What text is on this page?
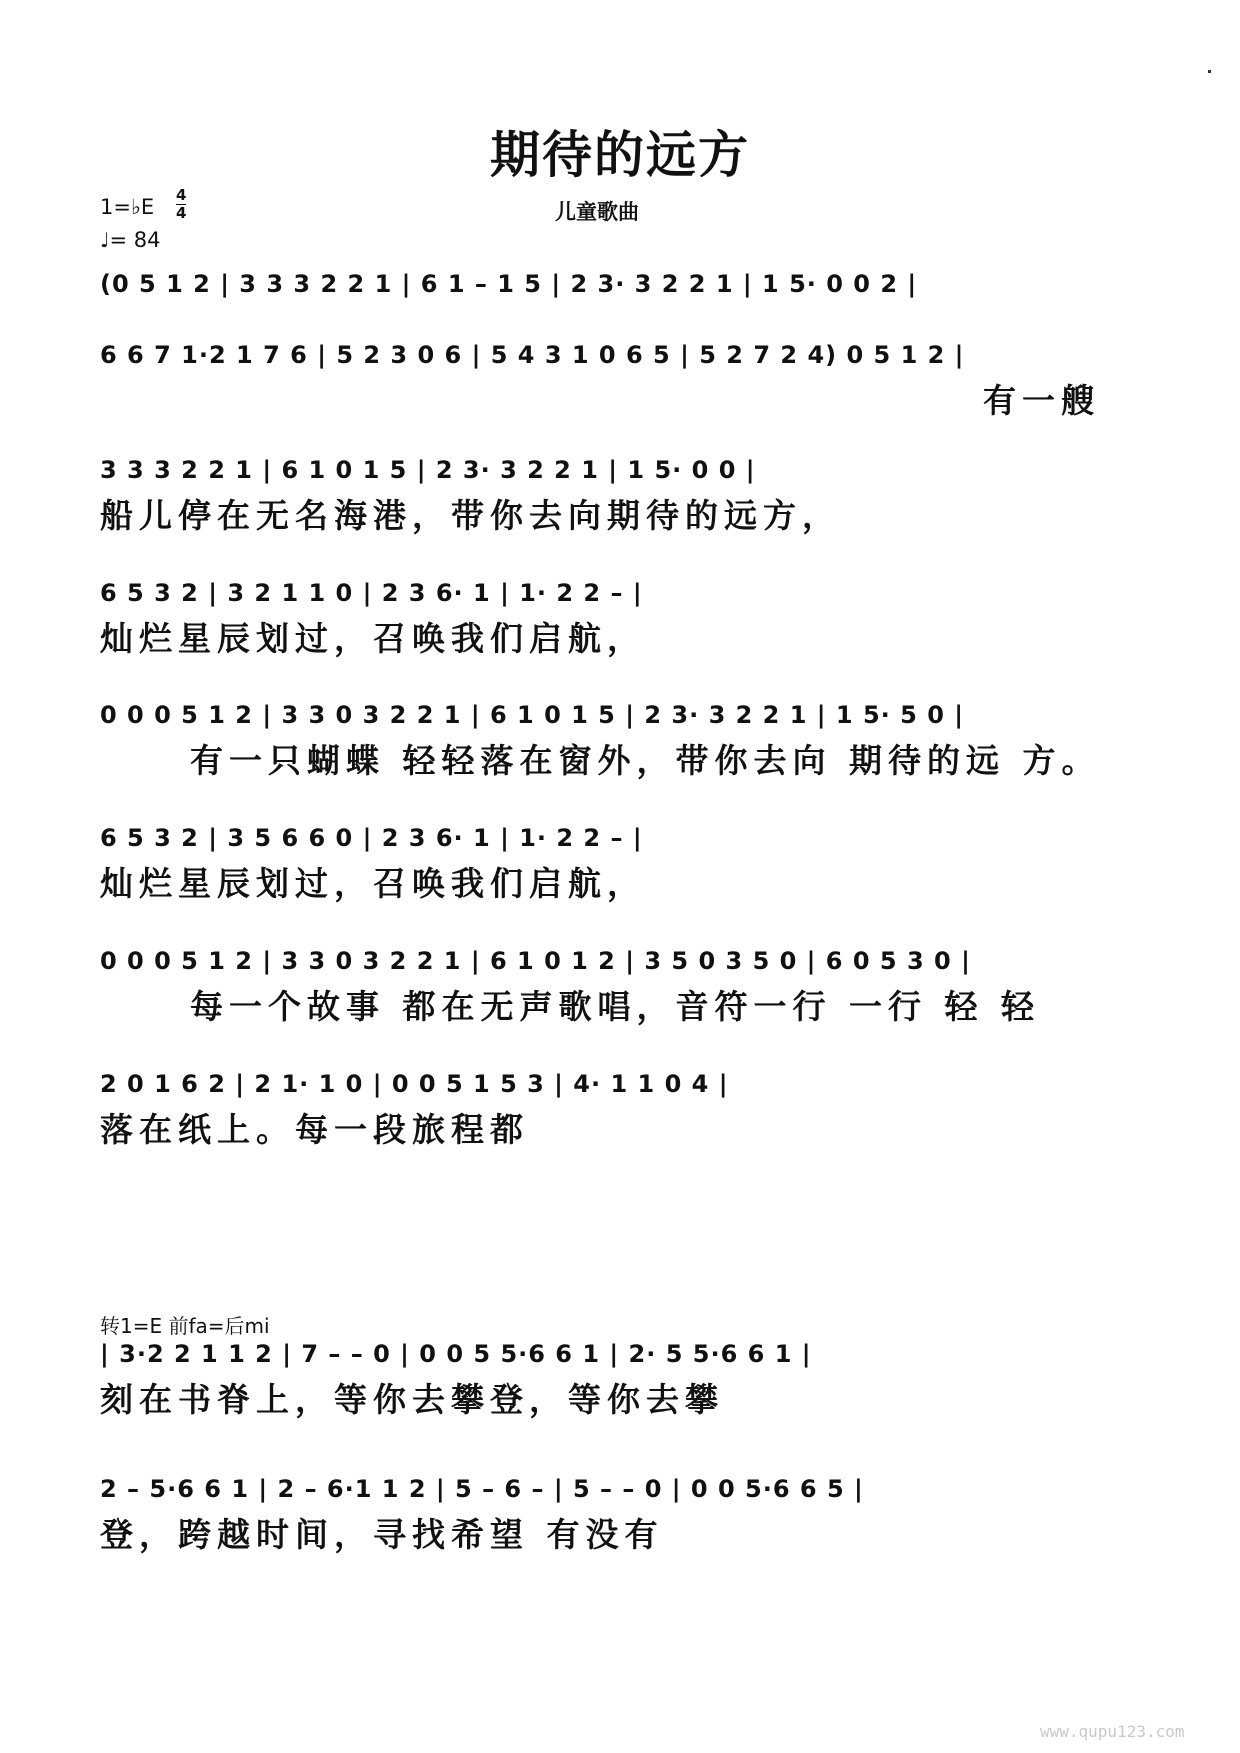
期待的远方
儿童歌曲
1=♭E 4
4
♩= 84
(0 5 1 2 | 3 3 3 2 2 1 | 6 1 – 1 5 | 2 3· 3 2 2 1 | 1 5· 0 0 2 |
6 6 7 1·2 1 7 6 | 5 2 3 0 6 | 5 4 3 1 0 6 5 | 5 2 7 2 4) 0 5 1 2 |
有一艘
3 3 3 2 2 1 | 6 1 0 1 5 | 2 3· 3 2 2 1 | 1 5· 0 0 |
船儿停在无名海港，带你去向期待的远方，
6 5 3 2 | 3 2 1 1 0 | 2 3 6· 1 | 1· 2 2 – |
灿烂星辰划过，召唤我们启航，
0 0 0 5 1 2 | 3 3 0 3 2 2 1 | 6 1 0 1 5 | 2 3· 3 2 2 1 | 1 5· 5 0 |
有一只蝴蝶 轻轻落在窗外，带你去向 期待的远 方。
6 5 3 2 | 3 5 6 6 0 | 2 3 6· 1 | 1· 2 2 – |
灿烂星辰划过，召唤我们启航，
0 0 0 5 1 2 | 3 3 0 3 2 2 1 | 6 1 0 1 2 | 3 5 0 3 5 0 | 6 0 5 3 0 |
每一个故事 都在无声歌唱，音符一行 一行 轻 轻
2 0 1 6 2 | 2 1· 1 0 | 0 0 5 1 5 3 | 4· 1 1 0 4 |
落在纸上。每一段旅程都
转1=E 前fa=后mi
| 3·2 2 1 1 2 | 7 – – 0 | 0 0 5 5·6 6 1 | 2· 5 5·6 6 1 |
刻在书脊上，等你去攀登，等你去攀
2 – 5·6 6 1 | 2 – 6·1 1 2 | 5 – 6 – | 5 – – 0 | 0 0 5·6 6 5 |
登，跨越时间，寻找希望 有没有
www.qupu123.com
